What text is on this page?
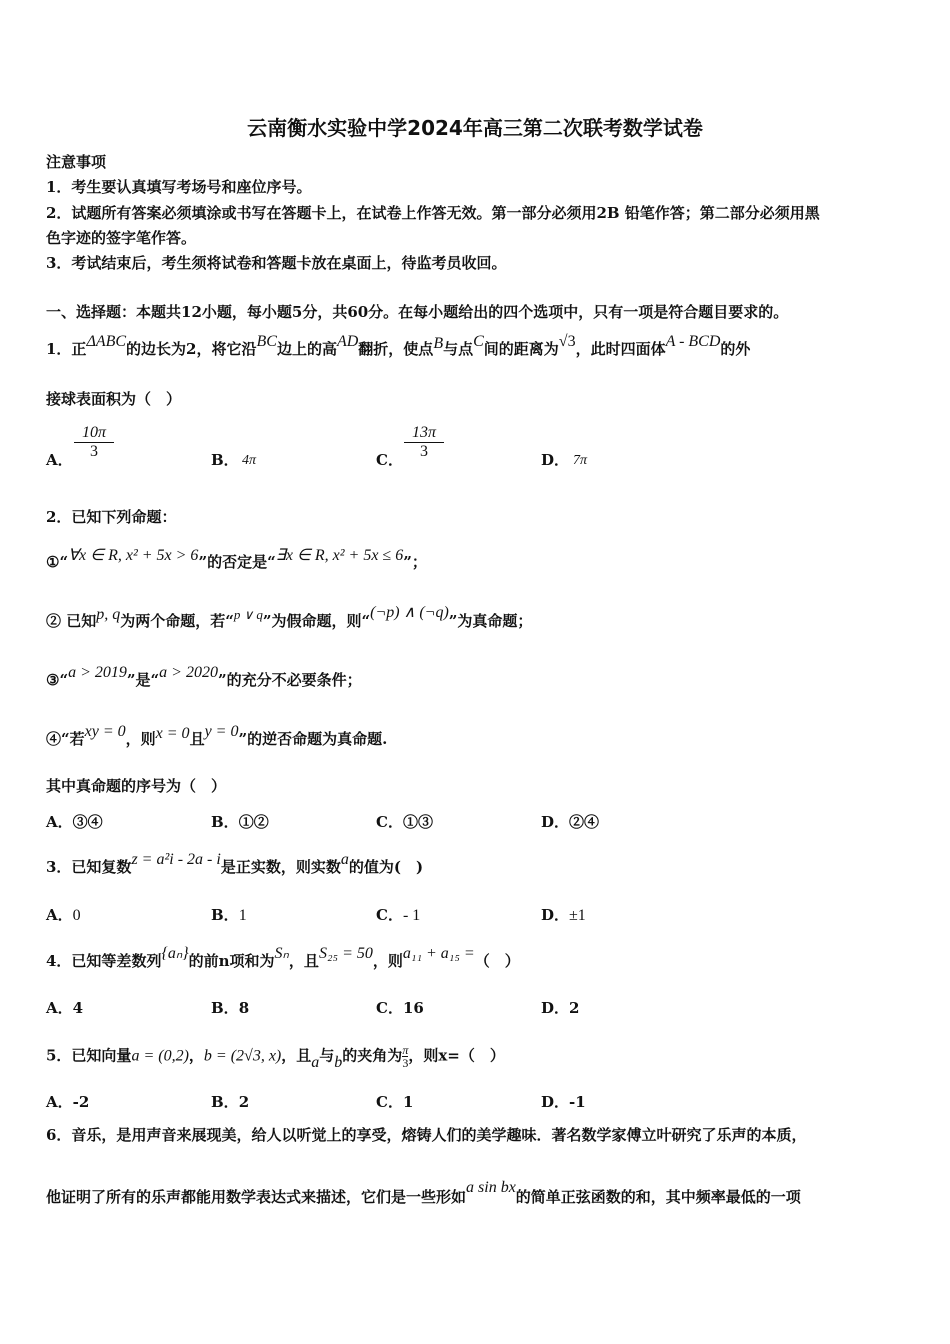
云南衡水实验中学2024年高三第二次联考数学试卷
注意事项
1．考生要认真填写考场号和座位序号。
2．试题所有答案必须填涂或书写在答题卡上，在试卷上作答无效。第一部分必须用2B 铅笔作答；第二部分必须用黑
色字迹的签字笔作答。
3．考试结束后，考生须将试卷和答题卡放在桌面上，待监考员收回。
一、选择题：本题共12小题，每小题5分，共60分。在每小题给出的四个选项中，只有一项是符合题目要求的。
1．正ΔABC的边长为2，将它沿BC边上的高AD翻折，使点B与点C间的距离为√3，此时四面体A - BCD的外
接球表面积为（　）
A． $\frac{10\pi}{3}$	B． 4π	C． $\frac{13\pi}{3}$	D． 7π
2．已知下列命题：
①“∀x ∈ R, x² + 5x > 6”的否定是“∃x ∈ R, x² + 5x ≤ 6”；
② 已知p, q为两个命题，若“p ∨ q”为假命题，则“(¬p) ∧ (¬q)”为真命题；
③“a > 2019”是“a > 2020”的充分不必要条件；
④“若xy = 0，则x = 0且y = 0”的逆否命题为真命题.
其中真命题的序号为（　）
A．③④	B．①②	C．①③	D．②④
3．已知复数z = a²i - 2a - i是正实数，则实数a的值为(　)
A．0	B．1	C．- 1	D．±1
4．已知等差数列{aₙ}的前n项和为Sₙ，且S₂₅ = 50，则a₁₁ + a₁₅ =（　）
A．4	B．8	C．16	D．2
5．已知向量a = (0,2)，b = (2√3, x)，且a与b的夹角为 $\frac{\pi}{3}$ ，则x=（　）
A．-2	B．2	C．1	D．-1
6．音乐，是用声音来展现美，给人以听觉上的享受，熔铸人们的美学趣味．著名数学家傅立叶研究了乐声的本质，
他证明了所有的乐声都能用数学表达式来描述，它们是一些形如a sin bx的简单正弦函数的和，其中频率最低的一项
